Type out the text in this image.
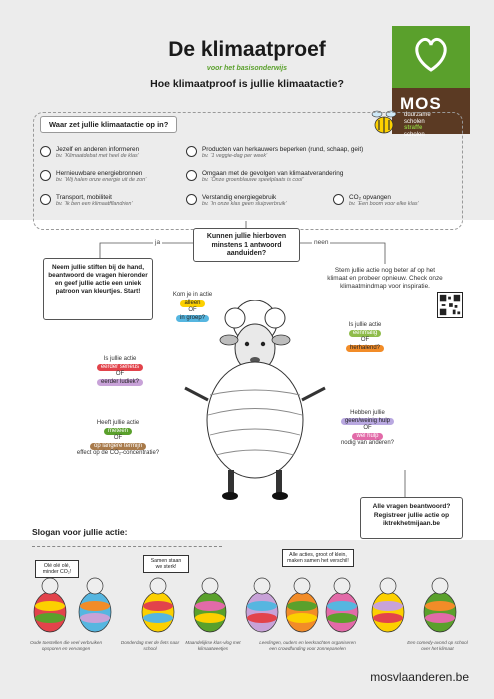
De klimaatproef
voor het basisonderwijs
Hoe klimaatproof is jullie klimaatactie?
MOS
duurzame
scholen
straffe
scholen
Waar zet jullie klimaatactie op in?
Jezelf en anderen informeren
bv. ‘Klimaatdebat met heel de klas’
Hernieuwbare energiebronnen
bv. ‘Wij halen onze energie uit de zon’
Transport, mobiliteit
bv. ‘Ik ben een klimaatfflandrien’
Producten van herkauwers beperken (rund, schaap, geit)
bv. ‘1 veggie-dag per week’
Omgaan met de gevolgen van klimaatverandering
bv. ‘Onze groenblauwe speelplaats is cool’
Verstandig energiegebruik
bv. ‘In onze klas geen sluipverbruik’
CO₂ opvangen
bv. ‘Een boom voor elke klas’
Kunnen jullie hierboven minstens 1 antwoord aanduiden?
ja	neen
Neem jullie stiften bij de hand, beantwoord de vragen hieronder en geef jullie actie een uniek patroon van kleurtjes. Start!
Stem jullie actie nog beter af op het klimaat en probeer opnieuw. Check onze klimaatmindmap voor inspiratie.
Kom je in actie
alleen
OF
in groep?
Is jullie actie
eenmalig
OF
herhalend?
Is jullie actie
eerder serieus
OF
eerder ludiek?
Heeft jullie actie
meteen
OF
op langere termijn
effect op de CO₂-concentratie?
Hebben jullie
geen/weinig hulp
OF
wel hulp
nodig van anderen?
Alle vragen beantwoord? Registreer jullie actie op iktrekhetmijaan.be
Slogan voor jullie actie:
Olé olé olé, minder CO₂!
Samen staan we sterk!
Alle acties, groot of klein, maken samen het verschil!
Oude toestellen die veel verbruiken opsporen en vervangen
Donderdag met de fiets naar school
Maandelijkse klas-vlog met klimaatweetjes
Leerlingen, ouders en leerkrachten organiseren een crowdfunding voor zonnepanelen
Een comedy-avond op school over het klimaat
mosvlaanderen.be
